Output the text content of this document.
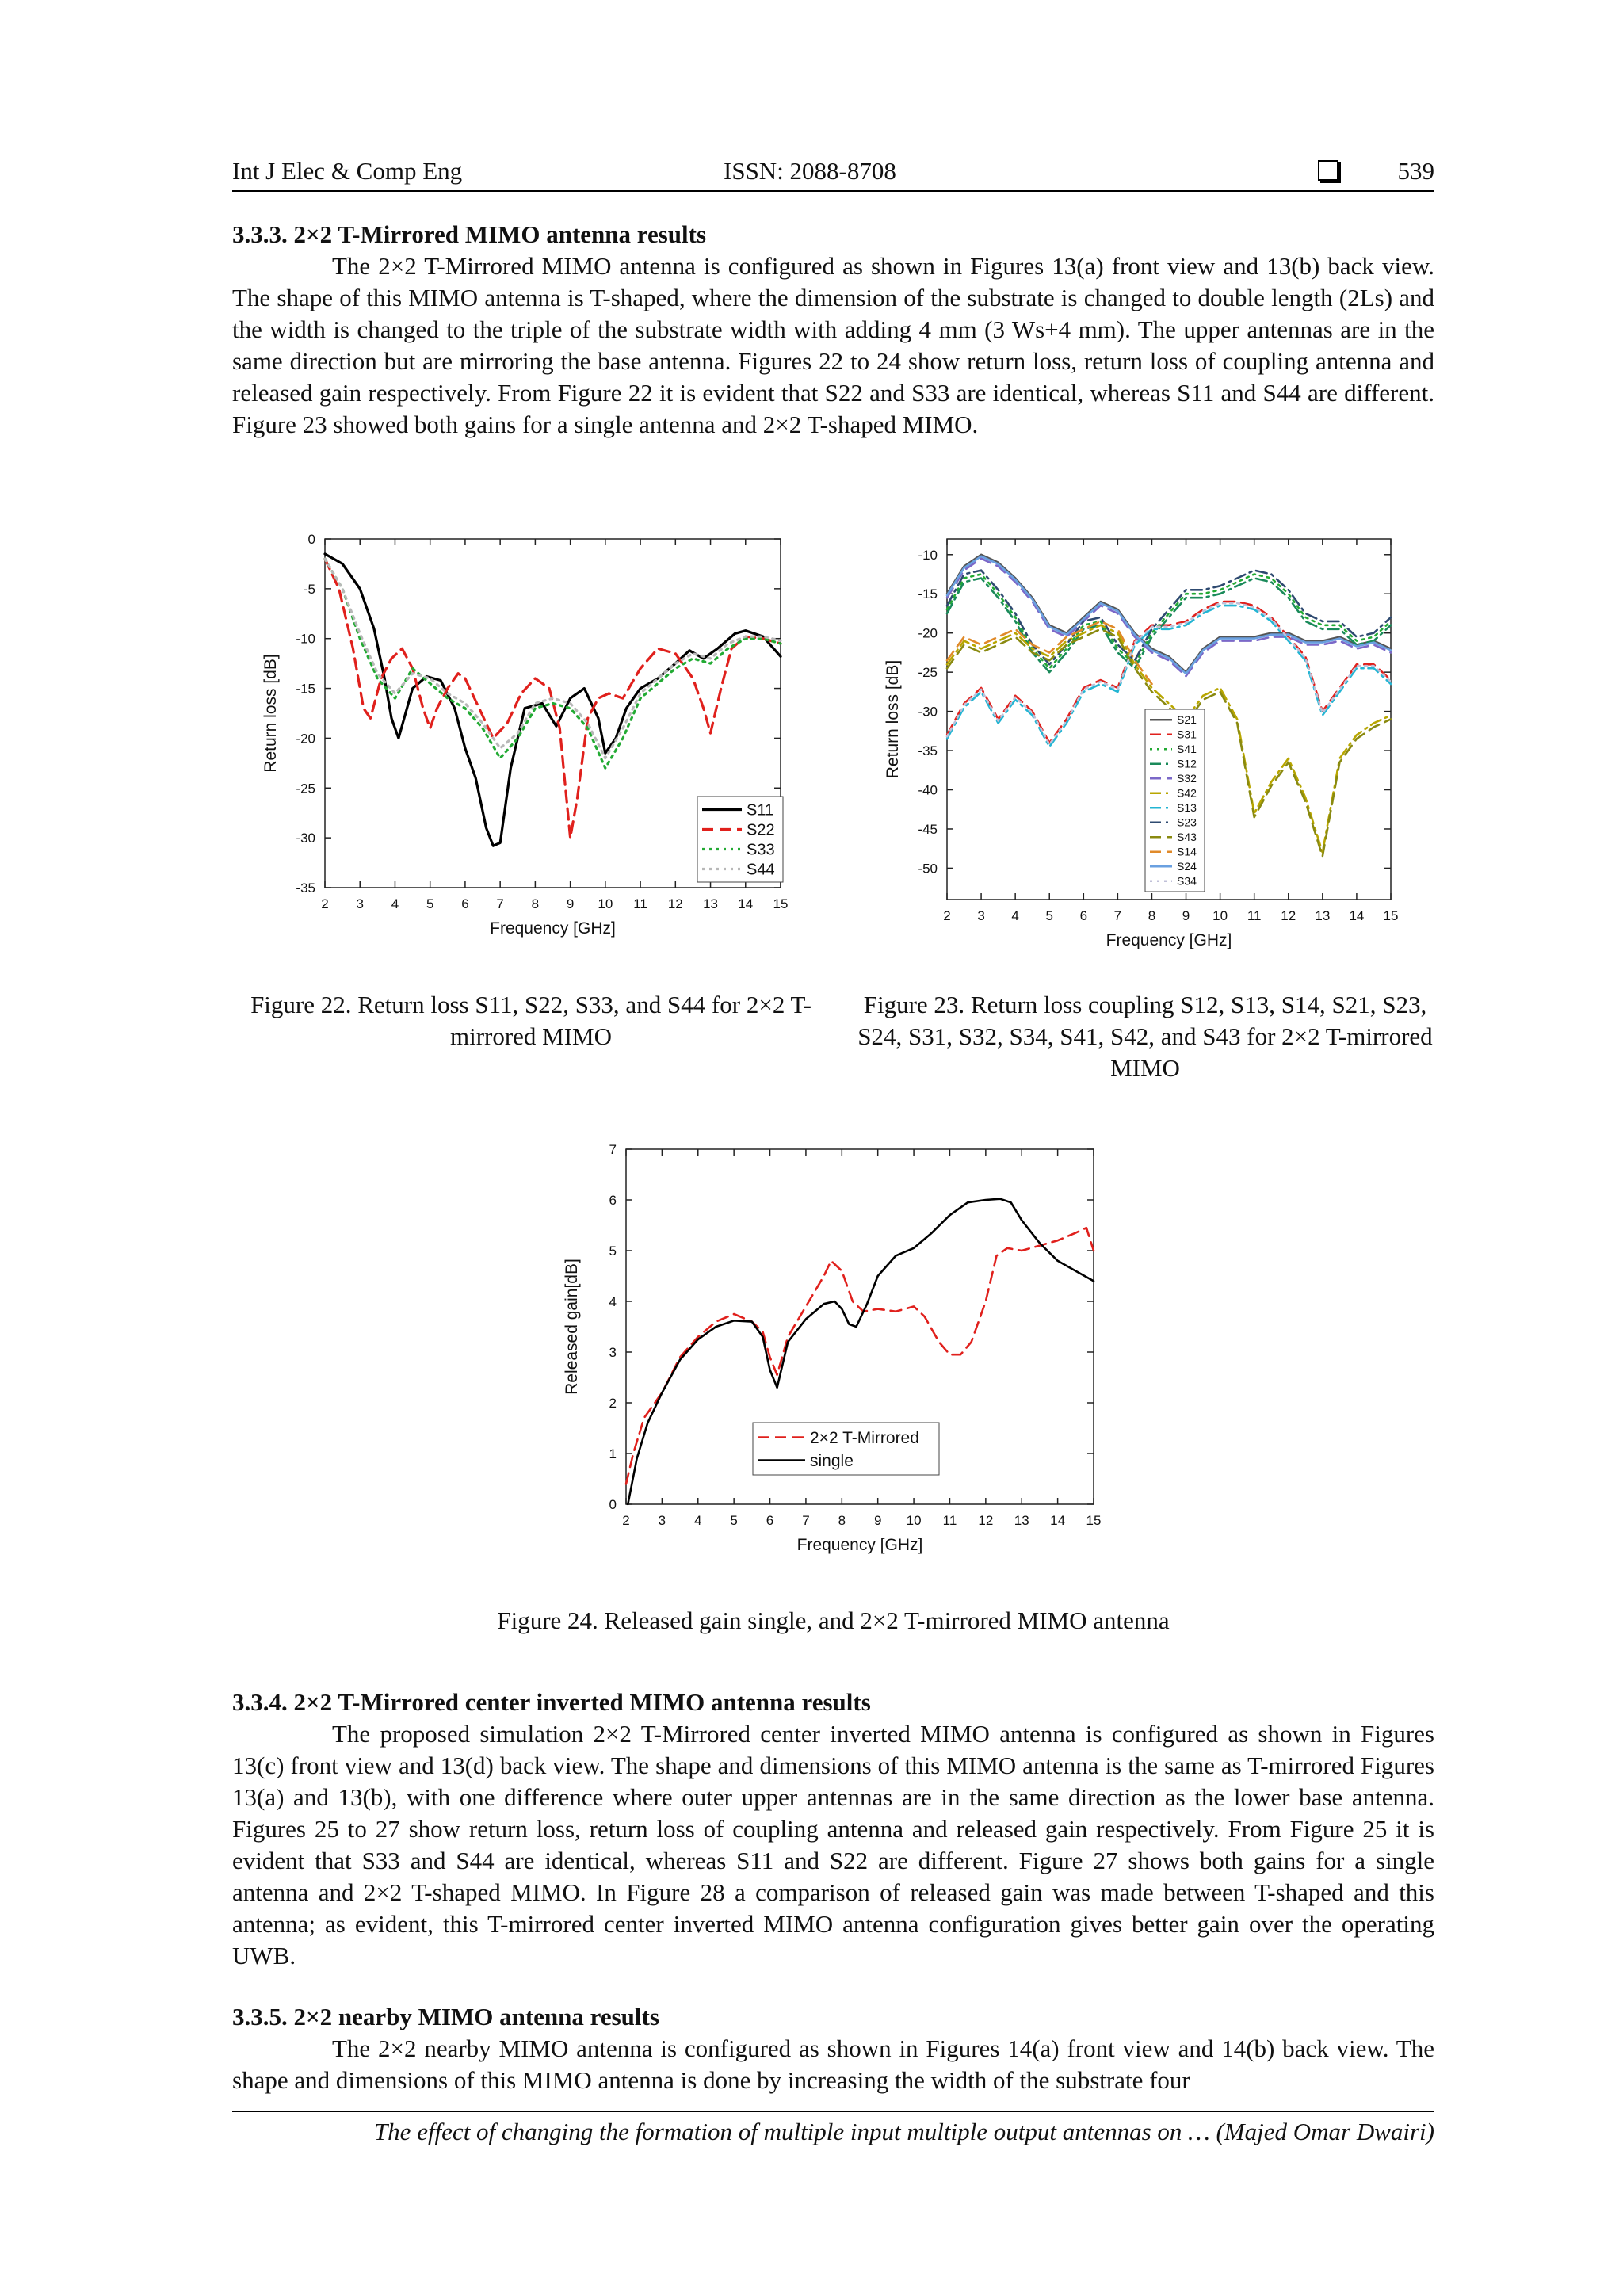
Int J Elec & Comp Eng	ISSN: 2088-8708	539
3.3.3. 2×2 T-Mirrored MIMO antenna results

The 2×2 T-Mirrored MIMO antenna is configured as shown in Figures 13(a) front view and 13(b) back view. The shape of this MIMO antenna is T-shaped, where the dimension of the substrate is changed to double length (2Ls) and the width is changed to the triple of the substrate width with adding 4 mm (3 Ws+4 mm). The upper antennas are in the same direction but are mirroring the base antenna. Figures 22 to 24 show return loss, return loss of coupling antenna and released gain respectively. From Figure 22 it is evident that S22 and S33 are identical, whereas S11 and S44 are different. Figure 23 showed both gains for a single antenna and 2×2 T-shaped MIMO.

2 3 4 5 6 7 8 9 10 11 12 13 14 15
0
-5
-10
-15
-20
-25
-30
-35
Frequency [GHz]
Return loss [dB]
S11
S22
S33
S44

Figure 22. Return loss S11, S22, S33, and S44 for 2×2 T-mirrored MIMO

2 3 4 5 6 7 8 9 10 11 12 13 14 15
-10
-15
-20
-25
-30
-35
-40
-45
-50
Frequency [GHz]
Return loss [dB]	S21
S31
S41
S12
S32
S42
S13
S23
S43
S14
S24
S34

Figure 23. Return loss coupling S12, S13, S14, S21, S23, S24, S31, S32, S34, S41, S42, and S43 for 2×2 T-mirrored MIMO

2 3 4 5 6 7 8 9 10 11 12 13 14 15
0
1
2
3
4
5
6
7
Frequency [GHz]
Released gain[dB]
2×2 T-Mirrored
single

Figure 24. Released gain single, and 2×2 T-mirrored MIMO antenna

3.3.4. 2×2 T-Mirrored center inverted MIMO antenna results

The proposed simulation 2×2 T-Mirrored center inverted MIMO antenna is configured as shown in Figures 13(c) front view and 13(d) back view. The shape and dimensions of this MIMO antenna is the same as T-mirrored Figures 13(a) and 13(b), with one difference where outer upper antennas are in the same direction as the lower base antenna. Figures 25 to 27 show return loss, return loss of coupling antenna and released gain respectively. From Figure 25 it is evident that S33 and S44 are identical, whereas S11 and S22 are different. Figure 27 shows both gains for a single antenna and 2×2 T-shaped MIMO. In Figure 28 a comparison of released gain was made between T-shaped and this antenna; as evident, this T-mirrored center inverted MIMO antenna configuration gives better gain over the operating UWB.

3.3.5. 2×2 nearby MIMO antenna results

The 2×2 nearby MIMO antenna is configured as shown in Figures 14(a) front view and 14(b) back view. The shape and dimensions of this MIMO antenna is done by increasing the width of the substrate four

The effect of changing the formation of multiple input multiple output antennas on … (Majed Omar Dwairi)
